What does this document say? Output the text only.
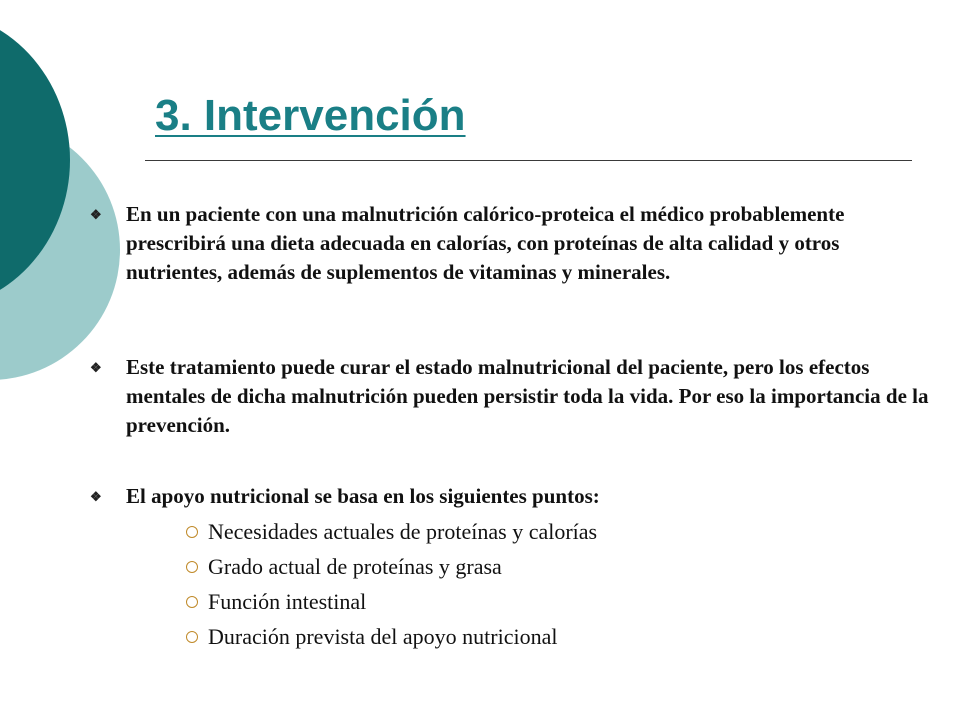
3. Intervención
❖	En un paciente con una malnutrición calórico-proteica el médico probablemente prescribirá una dieta adecuada en calorías, con proteínas de alta calidad y otros nutrientes, además de suplementos de vitaminas y minerales.
❖	Este tratamiento puede curar el estado malnutricional del paciente, pero los efectos mentales de dicha malnutrición pueden persistir toda la vida. Por eso la importancia de la prevención.
❖	El apoyo nutricional se basa en los siguientes puntos:
Necesidades actuales de proteínas y calorías
Grado actual de proteínas y grasa
Función intestinal
Duración prevista del apoyo nutricional
